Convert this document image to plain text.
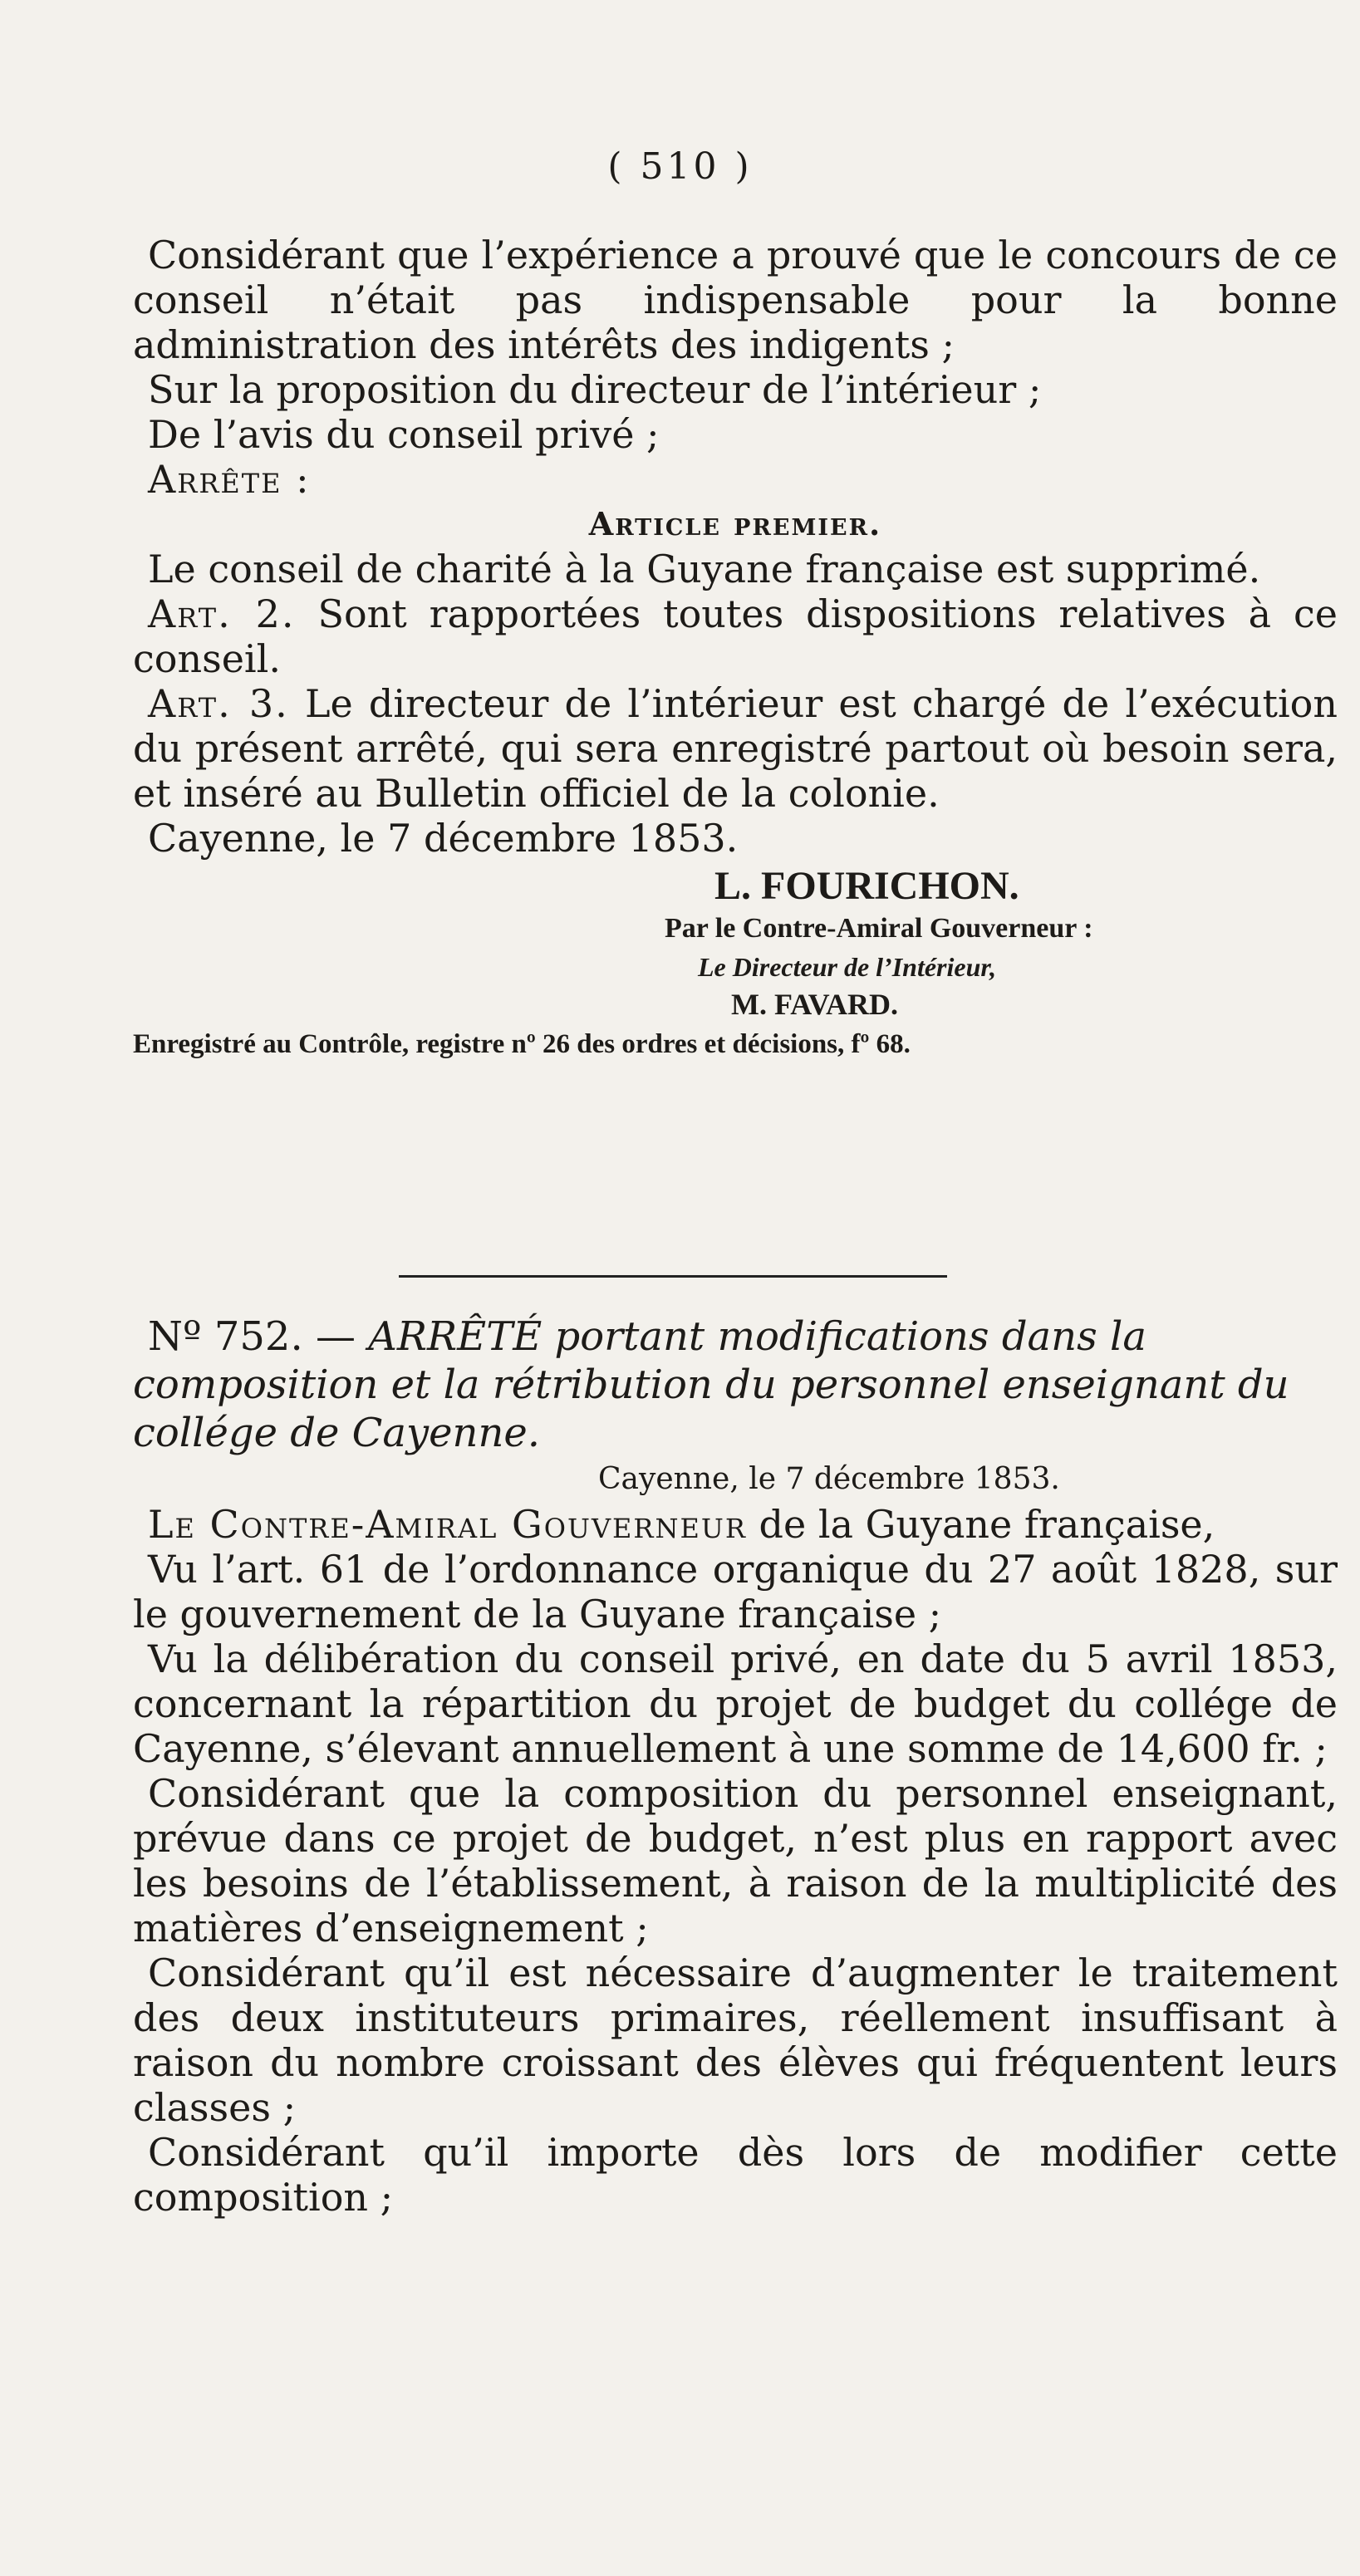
( 510 )

Considérant que l’expérience a prouvé que le concours de ce conseil n’était pas indispensable pour la bonne administration des intérêts des indigents ;

Sur la proposition du directeur de l’intérieur ;

De l’avis du conseil privé ;

Arrête :

Article premier.

Le conseil de charité à la Guyane française est supprimé.

Art. 2. Sont rapportées toutes dispositions relatives à ce conseil.

Art. 3. Le directeur de l’intérieur est chargé de l’exécution du présent arrêté, qui sera enregistré partout où besoin sera, et inséré au Bulletin officiel de la colonie.

Cayenne, le 7 décembre 1853.

L. FOURICHON.

Par le Contre-Amiral Gouverneur :

Le Directeur de l’Intérieur,

M. FAVARD.

Enregistré au Contrôle, registre nº 26 des ordres et décisions, fº 68.

Nº 752. — ARRÊTÉ portant modifications dans la composition et la rétribution du personnel enseignant du collége de Cayenne.

Cayenne, le 7 décembre 1853.

Le Contre-Amiral Gouverneur de la Guyane française,

Vu l’art. 61 de l’ordonnance organique du 27 août 1828, sur le gouvernement de la Guyane française ;

Vu la délibération du conseil privé, en date du 5 avril 1853, concernant la répartition du projet de budget du collége de Cayenne, s’élevant annuellement à une somme de 14,600 fr. ;

Considérant que la composition du personnel enseignant, prévue dans ce projet de budget, n’est plus en rapport avec les besoins de l’établissement, à raison de la multiplicité des matières d’enseignement ;

Considérant qu’il est nécessaire d’augmenter le traitement des deux instituteurs primaires, réellement insuffisant à raison du nombre croissant des élèves qui fréquentent leurs classes ;

Considérant qu’il importe dès lors de modifier cette composition ;
